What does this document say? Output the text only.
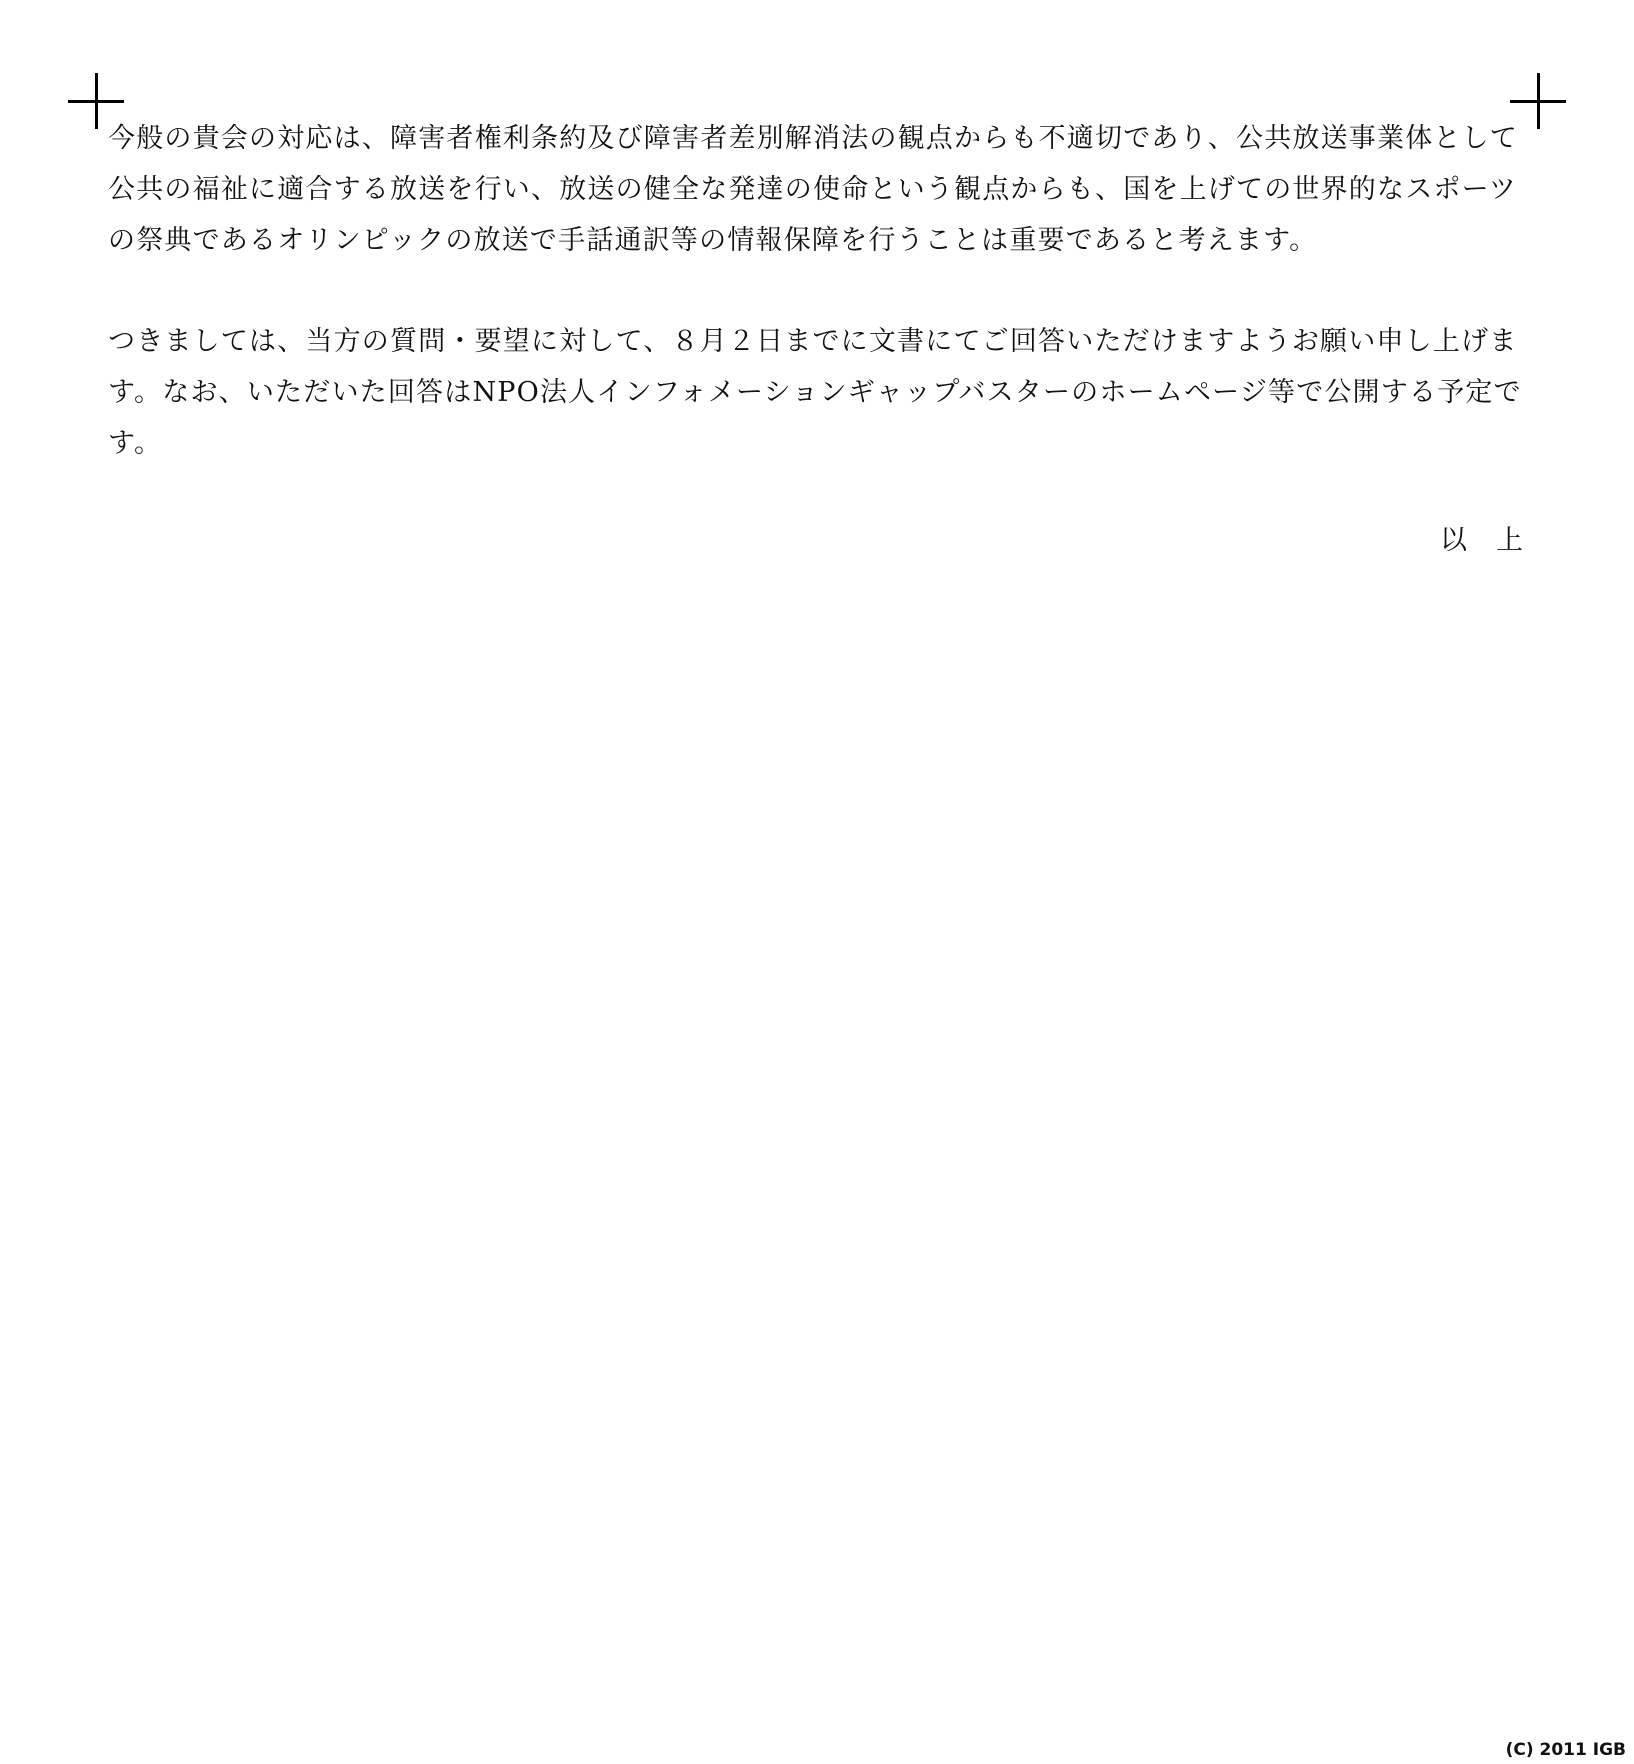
今般の貴会の対応は、障害者権利条約及び障害者差別解消法の観点からも不適切であり、公共放送事業体として公共の福祉に適合する放送を行い、放送の健全な発達の使命という観点からも、国を上げての世界的なスポーツの祭典であるオリンピックの放送で手話通訳等の情報保障を行うことは重要であると考えます。

つきましては、当方の質問・要望に対して、８月２日までに文書にてご回答いただけますようお願い申し上げます。なお、いただいた回答はNPO法人インフォメーションギャップバスターのホームページ等で公開する予定です。

以　上
(C) 2011 IGB
